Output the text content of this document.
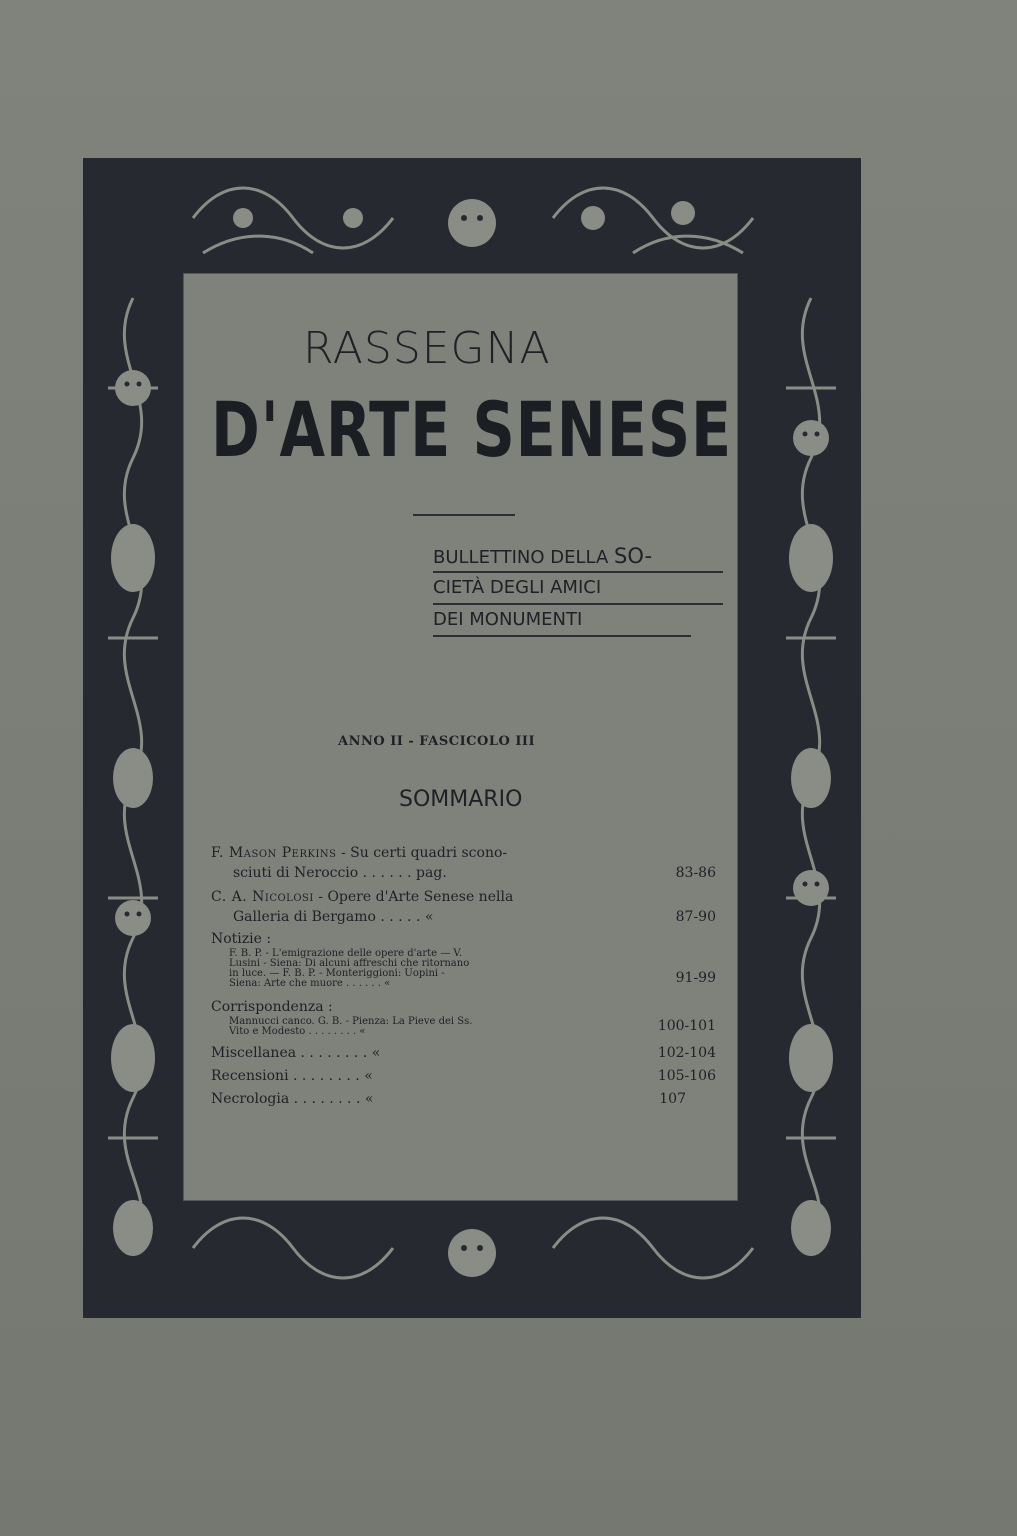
RASSEGNA
D'ARTE SENESE
BULLETTINO DELLA SO-
CIETÀ DEGLI AMICI
DEI MONUMENTI
ANNO II - FASCICOLO III
SOMMARIO
F. Mason Perkins - Su certi quadri scono-
sciuti di Neroccio . . . . . . pag.	83-86
C. A. Nicolosi - Opere d'Arte Senese nella
Galleria di Bergamo . . . . . «	87-90
Notizie :
F. B. P. - L'emigrazione delle opere d'arte — V.
Lusini - Siena: Di alcuni affreschi che ritornano
in luce. — F. B. P. - Monteriggioni: Uopini -
Siena: Arte che muore . . . . . . «	91-99
Corrispondenza :
Mannucci canco. G. B. - Pienza: La Pieve dei Ss.
Vito e Modesto . . . . . . . . «	100-101
Miscellanea . . . . . . . . «	102-104
Recensioni . . . . . . . . «	105-106
Necrologia . . . . . . . . «	107
